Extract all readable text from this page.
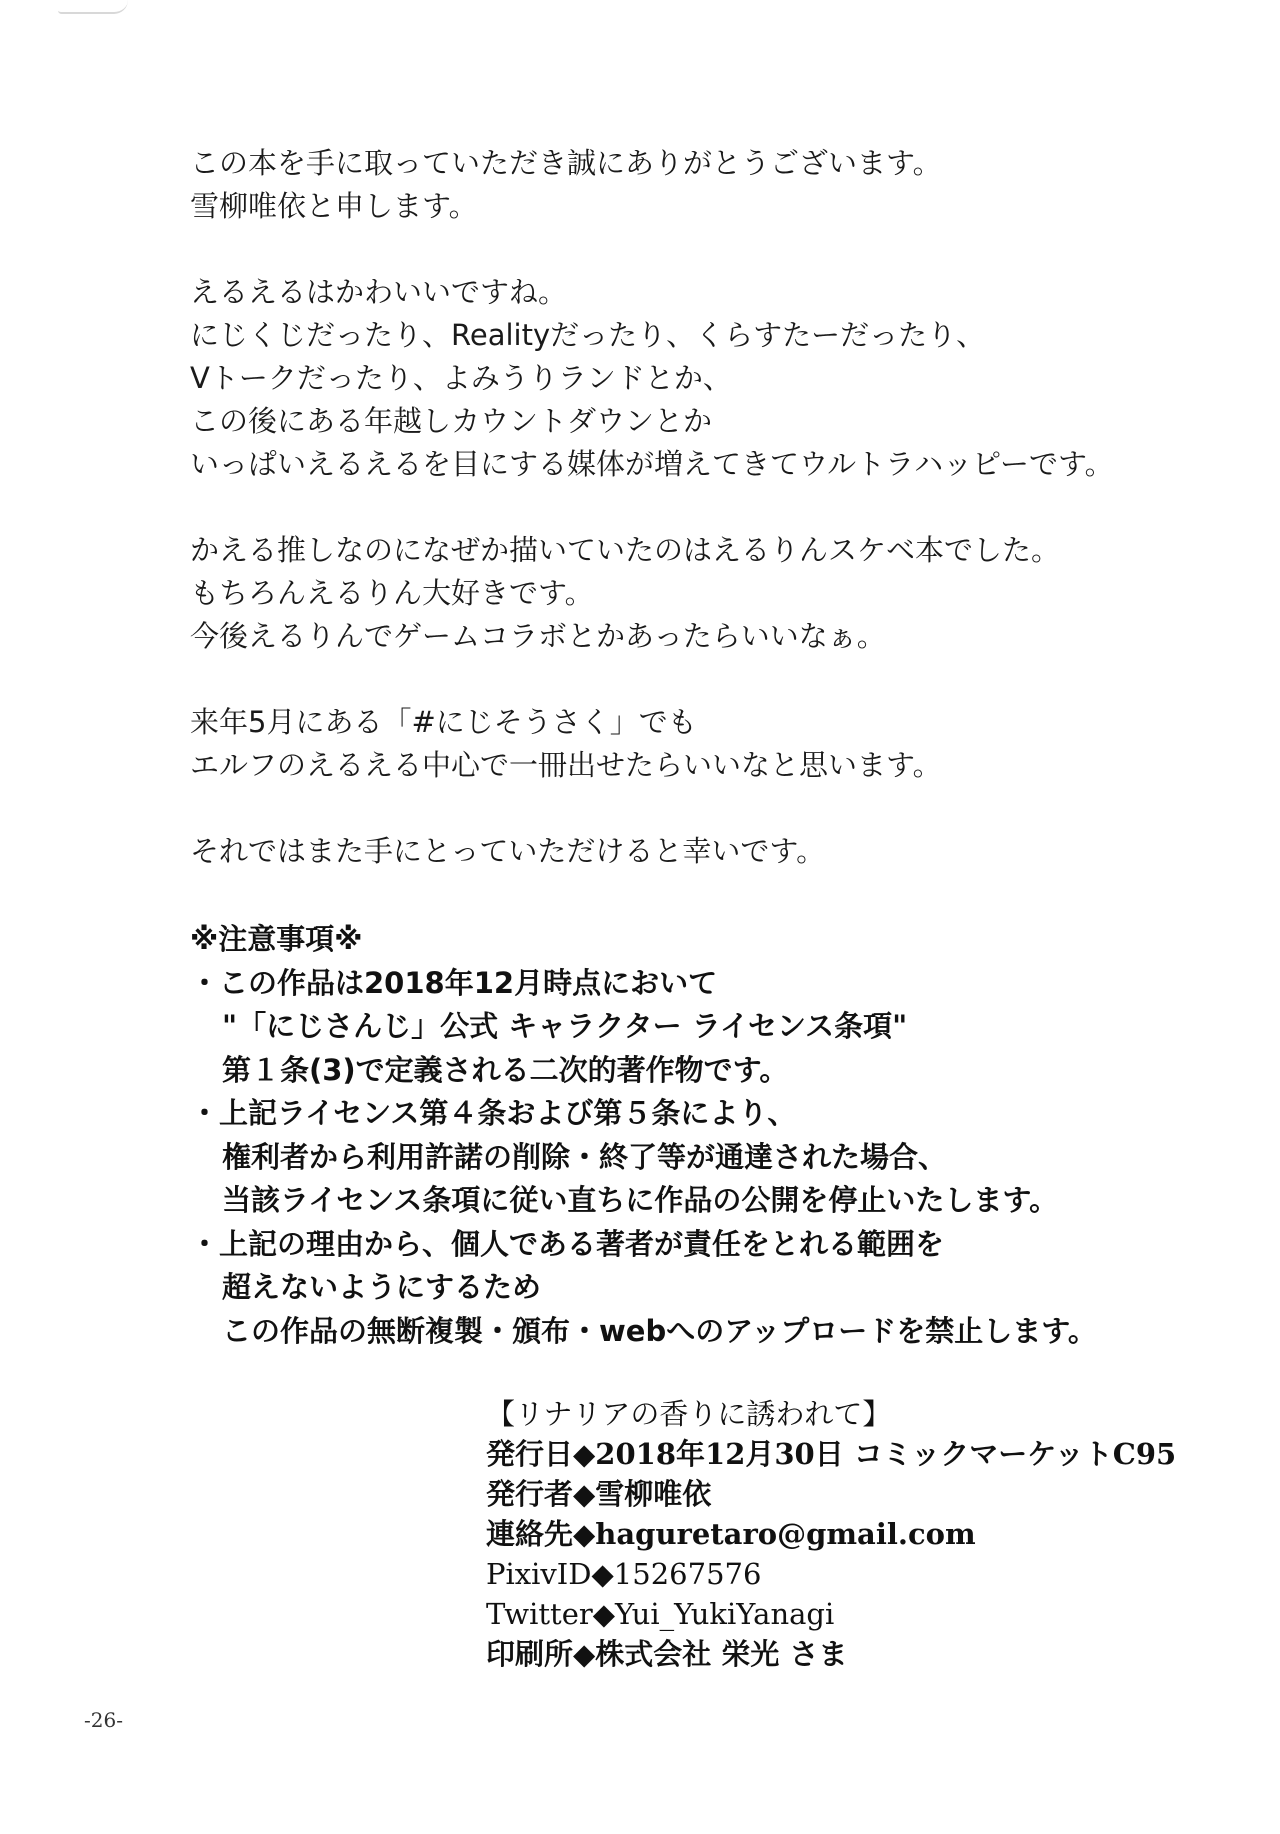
この本を手に取っていただき誠にありがとうございます。
雪柳唯依と申します。
えるえるはかわいいですね。
にじくじだったり、Realityだったり、くらすたーだったり、
Vトークだったり、よみうりランドとか、
この後にある年越しカウントダウンとか
いっぱいえるえるを目にする媒体が増えてきてウルトラハッピーです。
かえる推しなのになぜか描いていたのはえるりんスケベ本でした。
もちろんえるりん大好きです。
今後えるりんでゲームコラボとかあったらいいなぁ。
来年5月にある「#にじそうさく」でも
エルフのえるえる中心で一冊出せたらいいなと思います。
それではまた手にとっていただけると幸いです。
※注意事項※
・この作品は2018年12月時点において
"「にじさんじ」公式 キャラクター ライセンス条項"
第１条(3)で定義される二次的著作物です。
・上記ライセンス第４条および第５条により、
権利者から利用許諾の削除・終了等が通達された場合、
当該ライセンス条項に従い直ちに作品の公開を停止いたします。
・上記の理由から、個人である著者が責任をとれる範囲を
超えないようにするため
この作品の無断複製・頒布・webへのアップロードを禁止します。
【リナリアの香りに誘われて】
発行日◆2018年12月30日 コミックマーケットC95
発行者◆雪柳唯依
連絡先◆haguretaro@gmail.com
PixivID◆15267576
Twitter◆Yui_YukiYanagi
印刷所◆株式会社 栄光 さま
-26-
